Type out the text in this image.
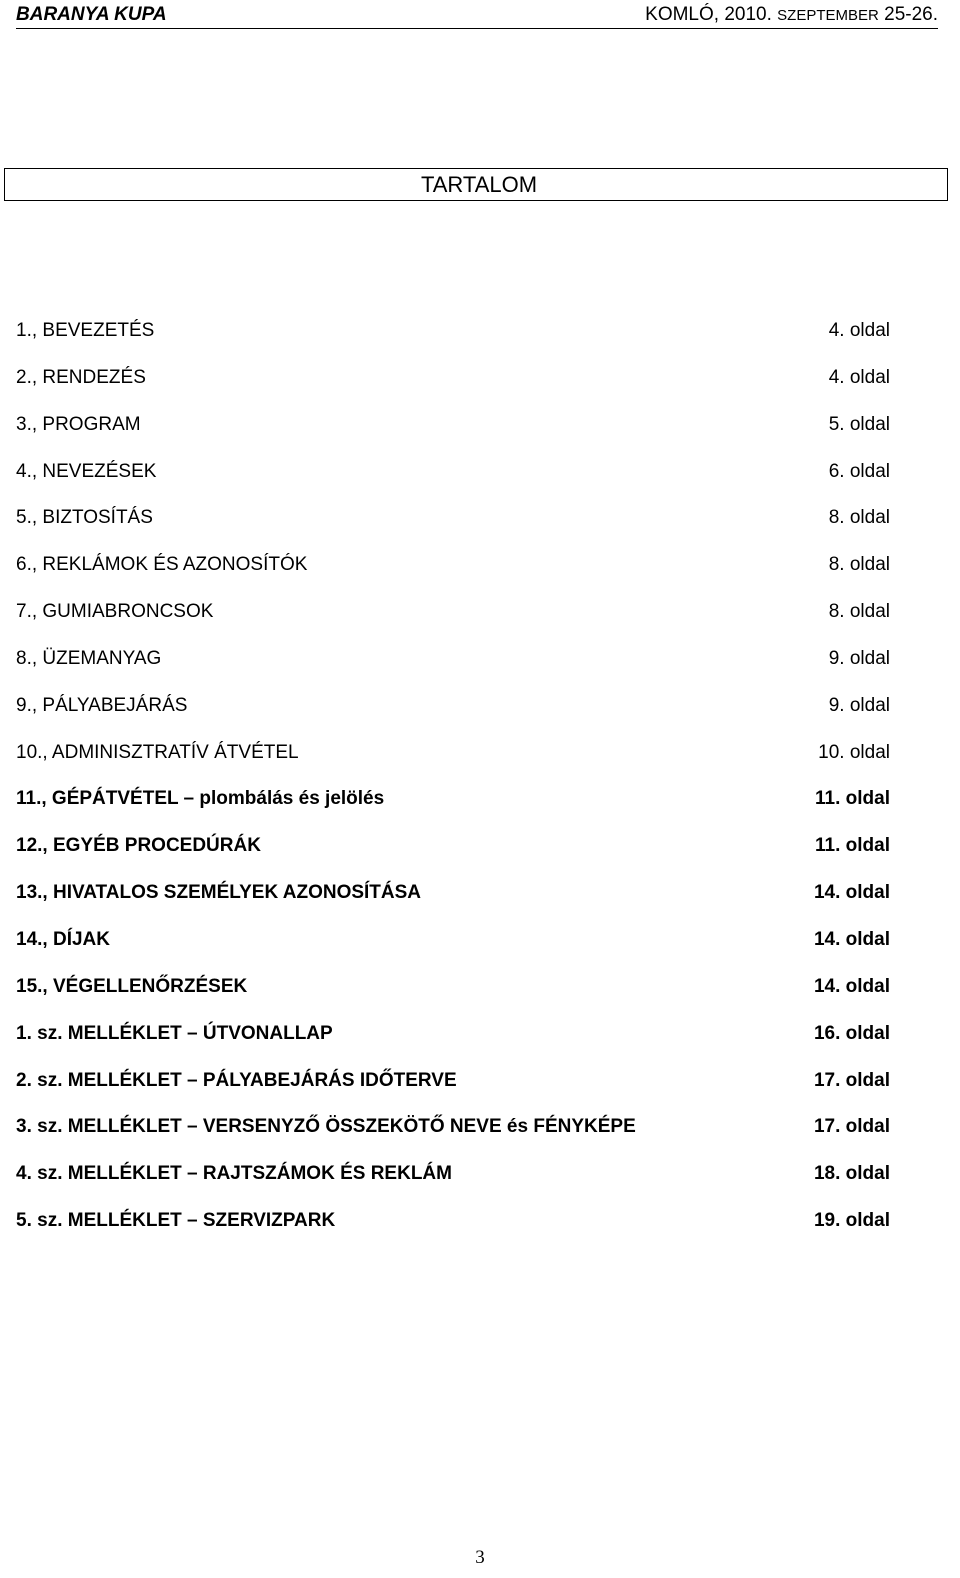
BARANYA KUPA	KOMLÓ, 2010. SZEPTEMBER 25-26.
TARTALOM
1., BEVEZETÉS	4. oldal
2., RENDEZÉS	4. oldal
3., PROGRAM	5. oldal
4., NEVEZÉSEK	6. oldal
5., BIZTOSÍTÁS	8. oldal
6., REKLÁMOK ÉS AZONOSÍTÓK	8. oldal
7., GUMIABRONCSOK	8. oldal
8., ÜZEMANYAG	9. oldal
9., PÁLYABEJÁRÁS	9. oldal
10., ADMINISZTRATÍV ÁTVÉTEL	10. oldal
11., GÉPÁTVÉTEL – plombálás és jelölés	11. oldal
12., EGYÉB PROCEDÚRÁK	11. oldal
13., HIVATALOS SZEMÉLYEK AZONOSÍTÁSA	14. oldal
14., DÍJAK	14. oldal
15., VÉGELLENŐRZÉSEK	14. oldal
1. sz. MELLÉKLET – ÚTVONALLAP	16. oldal
2. sz. MELLÉKLET – PÁLYABEJÁRÁS IDŐTERVE	17. oldal
3. sz. MELLÉKLET – VERSENYZŐ ÖSSZEKÖTŐ NEVE és FÉNYKÉPE	17. oldal
4. sz. MELLÉKLET – RAJTSZÁMOK ÉS REKLÁM	18. oldal
5. sz. MELLÉKLET – SZERVIZPARK	19. oldal
3
